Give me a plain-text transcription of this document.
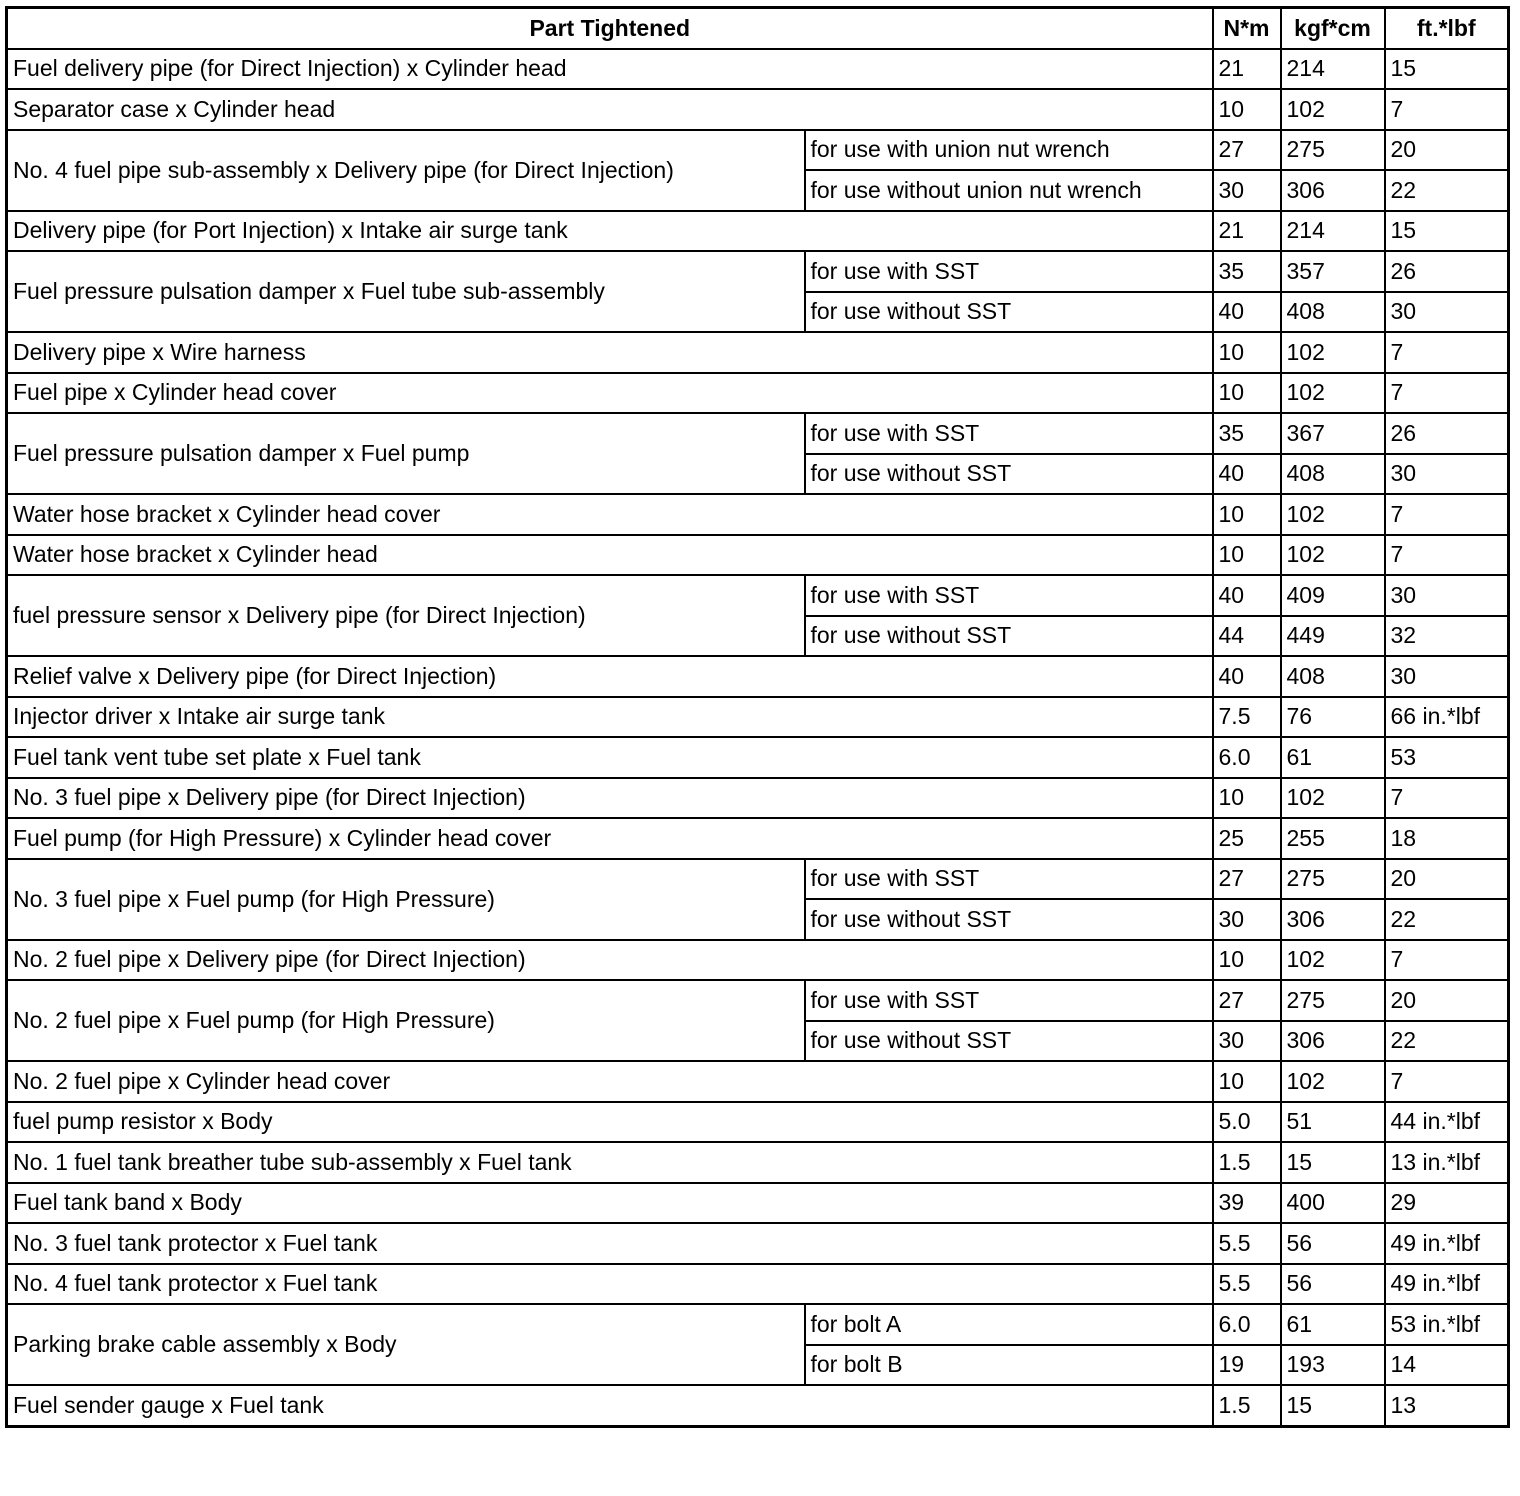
Part Tightened		N*m	kgf*cm	ft.*lbf
Fuel delivery pipe (for Direct Injection) x Cylinder head		21	214	15
Separator case x Cylinder head		10	102	7
No. 4 fuel pipe sub-assembly x Delivery pipe (for Direct Injection)	for use with union nut wrench	27	275	20
	for use without union nut wrench	30	306	22
Delivery pipe (for Port Injection) x Intake air surge tank		21	214	15
Fuel pressure pulsation damper x Fuel tube sub-assembly	for use with SST	35	357	26
	for use without SST	40	408	30
Delivery pipe x Wire harness		10	102	7
Fuel pipe x Cylinder head cover		10	102	7
Fuel pressure pulsation damper x Fuel pump	for use with SST	35	367	26
	for use without SST	40	408	30
Water hose bracket x Cylinder head cover		10	102	7
Water hose bracket x Cylinder head		10	102	7
fuel pressure sensor x Delivery pipe (for Direct Injection)	for use with SST	40	409	30
	for use without SST	44	449	32
Relief valve x Delivery pipe (for Direct Injection)		40	408	30
Injector driver x Intake air surge tank		7.5	76	66 in.*lbf
Fuel tank vent tube set plate x Fuel tank		6.0	61	53
No. 3 fuel pipe x Delivery pipe (for Direct Injection)		10	102	7
Fuel pump (for High Pressure) x Cylinder head cover		25	255	18
No. 3 fuel pipe x Fuel pump (for High Pressure)	for use with SST	27	275	20
	for use without SST	30	306	22
No. 2 fuel pipe x Delivery pipe (for Direct Injection)		10	102	7
No. 2 fuel pipe x Fuel pump (for High Pressure)	for use with SST	27	275	20
	for use without SST	30	306	22
No. 2 fuel pipe x Cylinder head cover		10	102	7
fuel pump resistor x Body		5.0	51	44 in.*lbf
No. 1 fuel tank breather tube sub-assembly x Fuel tank		1.5	15	13 in.*lbf
Fuel tank band x Body		39	400	29
No. 3 fuel tank protector x Fuel tank		5.5	56	49 in.*lbf
No. 4 fuel tank protector x Fuel tank		5.5	56	49 in.*lbf
Parking brake cable assembly x Body	for bolt A	6.0	61	53 in.*lbf
	for bolt B	19	193	14
Fuel sender gauge x Fuel tank		1.5	15	13
